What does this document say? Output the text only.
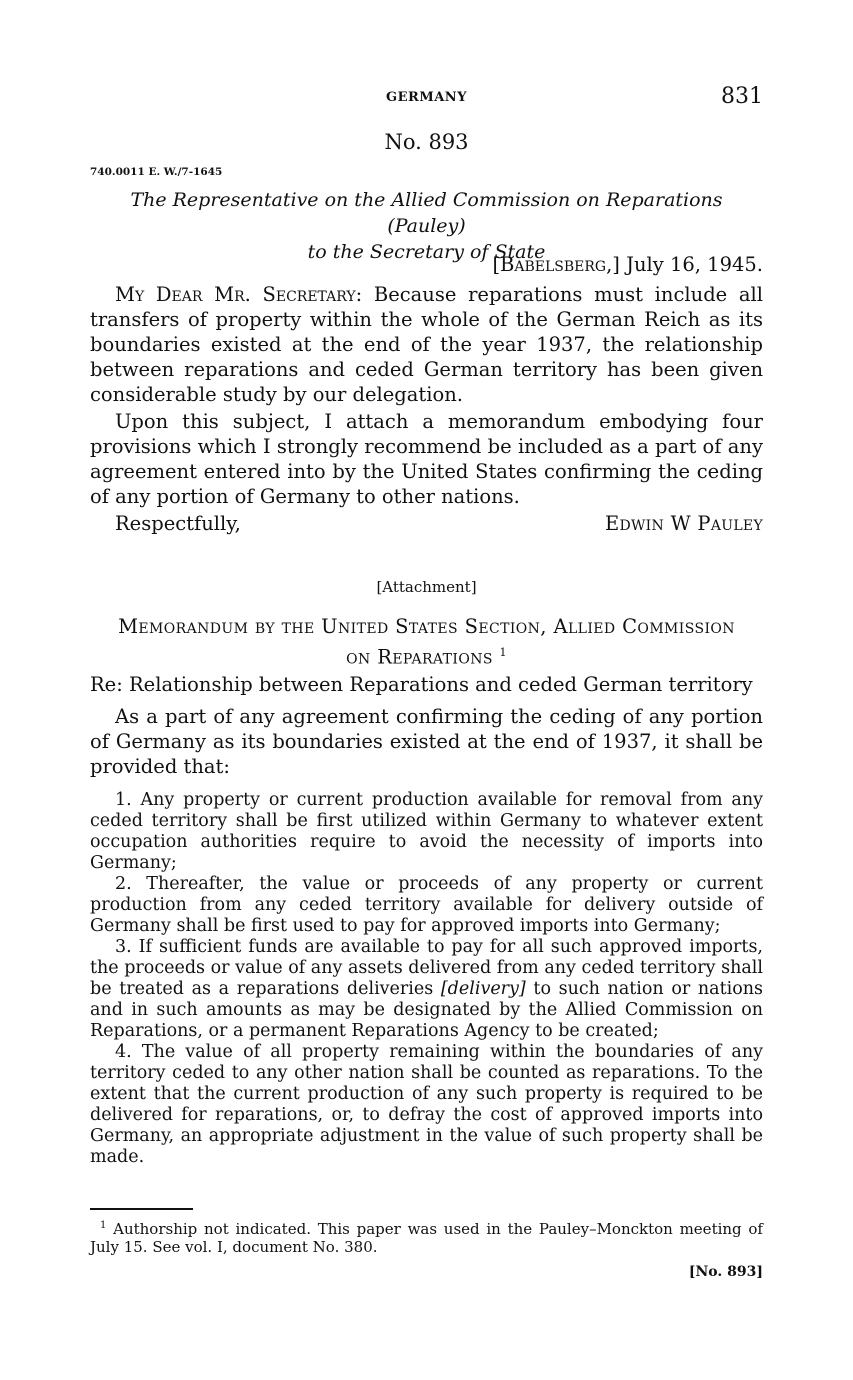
GERMANY	831
No. 893
740.0011 E. W./7-1645
The Representative on the Allied Commission on Reparations (Pauley)
to the Secretary of State
[Babelsberg,] July 16, 1945.
My Dear Mr. Secretary: Because reparations must include all transfers of property within the whole of the German Reich as its boundaries existed at the end of the year 1937, the relationship between reparations and ceded German territory has been given considerable study by our delegation.
Upon this subject, I attach a memorandum embodying four provisions which I strongly recommend be included as a part of any agreement entered into by the United States confirming the ceding of any portion of Germany to other nations.
Respectfully,	Edwin W Pauley
[Attachment]
Memorandum by the United States Section, Allied Commission
on Reparations $^1$
Re: Relationship between Reparations and ceded German territory
As a part of any agreement confirming the ceding of any portion of Germany as its boundaries existed at the end of 1937, it shall be provided that:

1. Any property or current production available for removal from any ceded territory shall be first utilized within Germany to whatever extent occupation authorities require to avoid the necessity of imports into Germany;

2. Thereafter, the value or proceeds of any property or current production from any ceded territory available for delivery outside of Germany shall be first used to pay for approved imports into Germany;

3. If sufficient funds are available to pay for all such approved imports, the proceeds or value of any assets delivered from any ceded territory shall be treated as a reparations deliveries [delivery] to such nation or nations and in such amounts as may be designated by the Allied Commission on Reparations, or a permanent Reparations Agency to be created;

4. The value of all property remaining within the boundaries of any territory ceded to any other nation shall be counted as reparations. To the extent that the current production of any such property is required to be delivered for reparations, or, to defray the cost of approved imports into Germany, an appropriate adjustment in the value of such property shall be made.

$^1$ Authorship not indicated. This paper was used in the Pauley–Monckton meeting of July 15. See vol. I, document No. 380.
[No. 893]
